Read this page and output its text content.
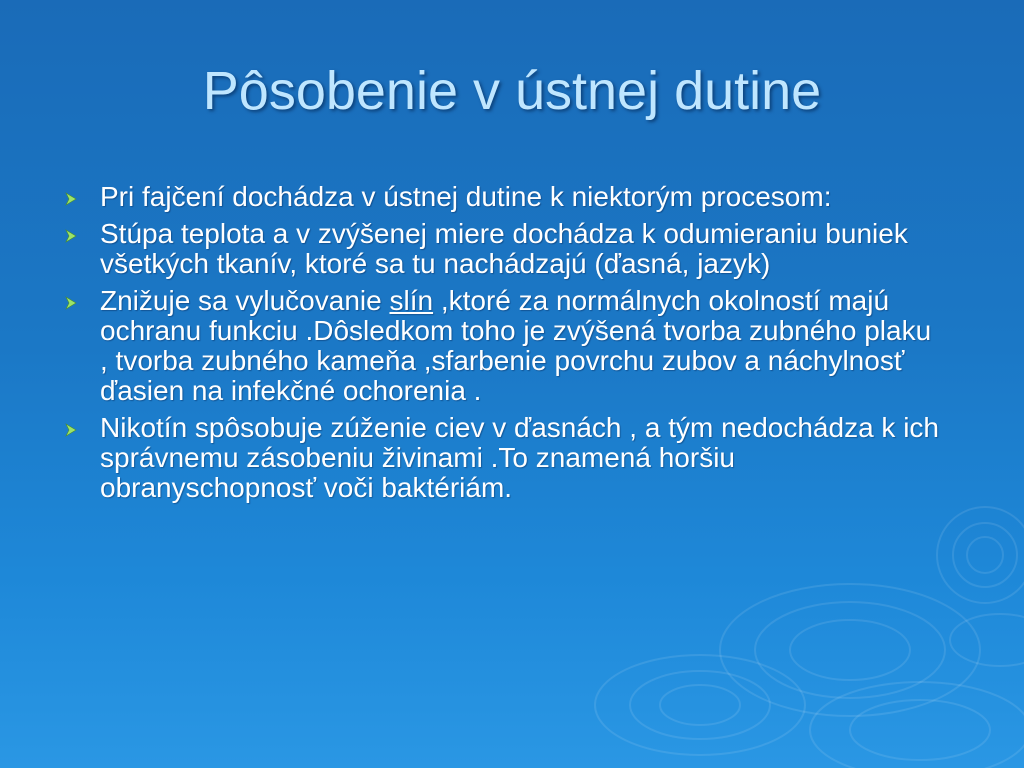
Pôsobenie v ústnej dutine
Pri fajčení dochádza v ústnej dutine k niektorým procesom:
Stúpa teplota a v zvýšenej miere dochádza k odumieraniu buniek všetkých tkanív, ktoré sa tu nachádzajú (ďasná, jazyk)
Znižuje sa vylučovanie slín ,ktoré za normálnych okolností majú ochranu funkciu .Dôsledkom toho je zvýšená tvorba zubného plaku , tvorba zubného kameňa ,sfarbenie povrchu zubov a náchylnosť ďasien na infekčné ochorenia .
Nikotín spôsobuje zúženie ciev v ďasnách , a tým nedochádza k ich správnemu zásobeniu živinami .To znamená horšiu obranyschopnosť voči baktériám.
